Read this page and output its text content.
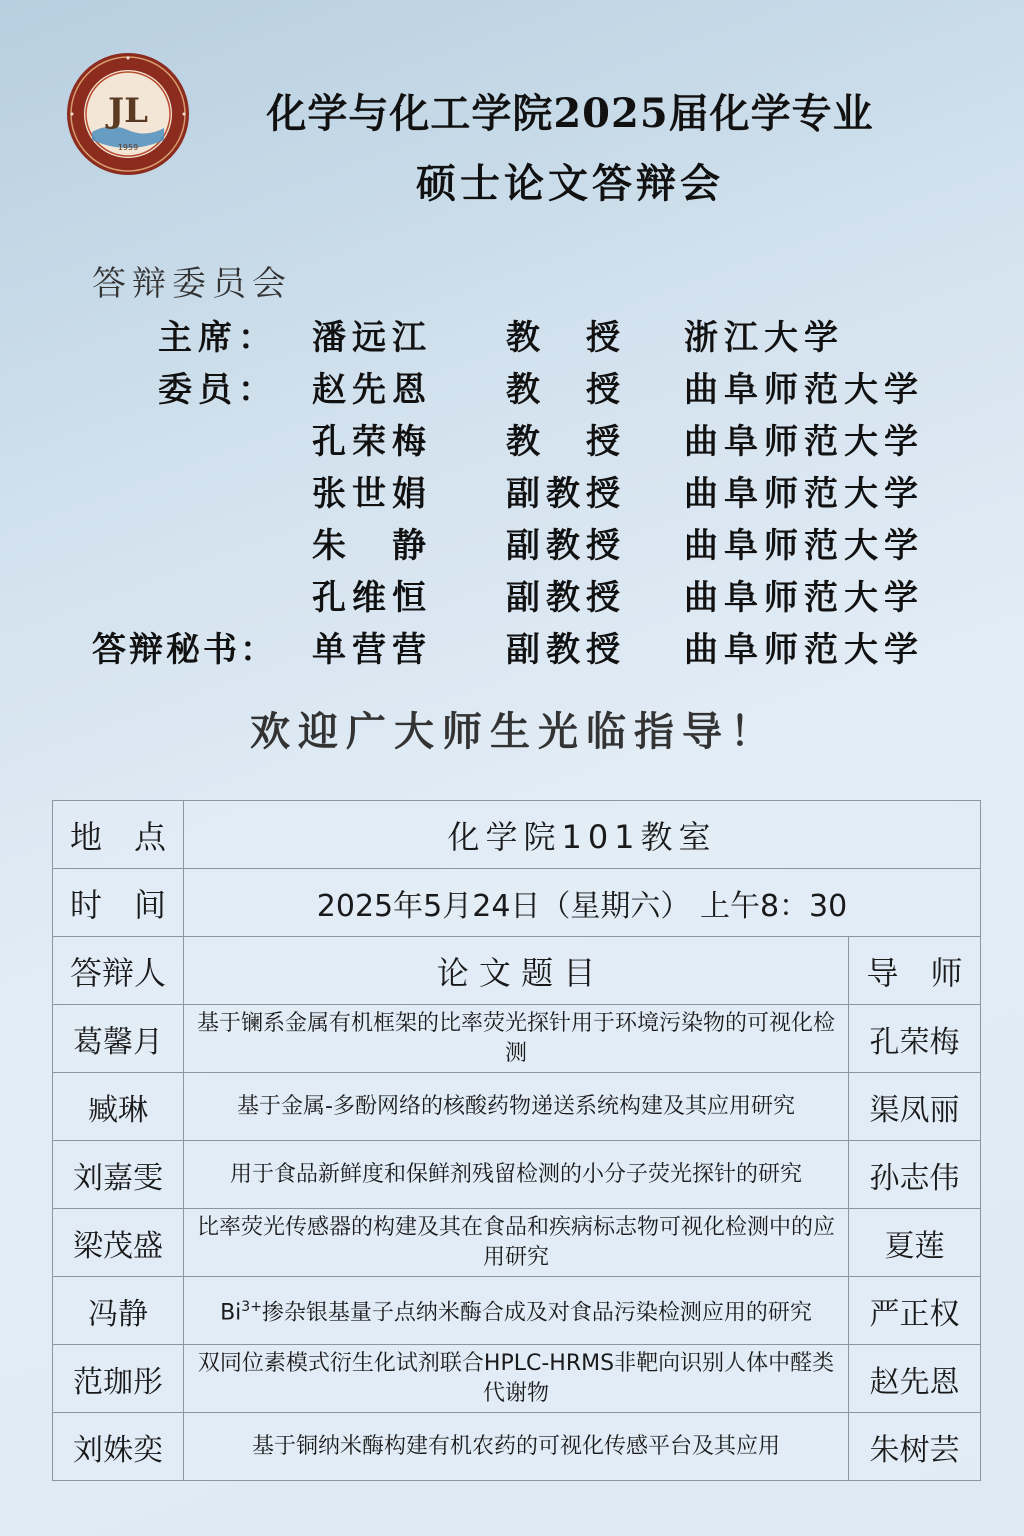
JL
1959
化学与化工学院2025届化学专业
硕士论文答辩会
答辩委员会
主席： 潘远江 教　授 浙江大学
委员： 赵先恩 教　授 曲阜师范大学
孔荣梅 教　授 曲阜师范大学
张世娟 副教授 曲阜师范大学
朱　静 副教授 曲阜师范大学
孔维恒 副教授 曲阜师范大学
答辩秘书： 单营营 副教授 曲阜师范大学
欢迎广大师生光临指导！
地　点	化学院101教室	
时　间	2025年5月24日（星期六） 上午8：30	
答辩人	论 文 题 目	导　师
葛馨月	基于镧系金属有机框架的比率荧光探针用于环境污染物的可视化检测	孔荣梅
臧琳	基于金属-多酚网络的核酸药物递送系统构建及其应用研究	渠凤丽
刘嘉雯	用于食品新鲜度和保鲜剂残留检测的小分子荧光探针的研究	孙志伟
梁茂盛	比率荧光传感器的构建及其在食品和疾病标志物可视化检测中的应用研究	夏莲
冯静	$Bi^{3+}$掺杂银基量子点纳米酶合成及对食品污染检测应用的研究	严正权
范珈彤	双同位素模式衍生化试剂联合HPLC-HRMS非靶向识别人体中醛类代谢物	赵先恩
刘姝奕	基于铜纳米酶构建有机农药的可视化传感平台及其应用	朱树芸
